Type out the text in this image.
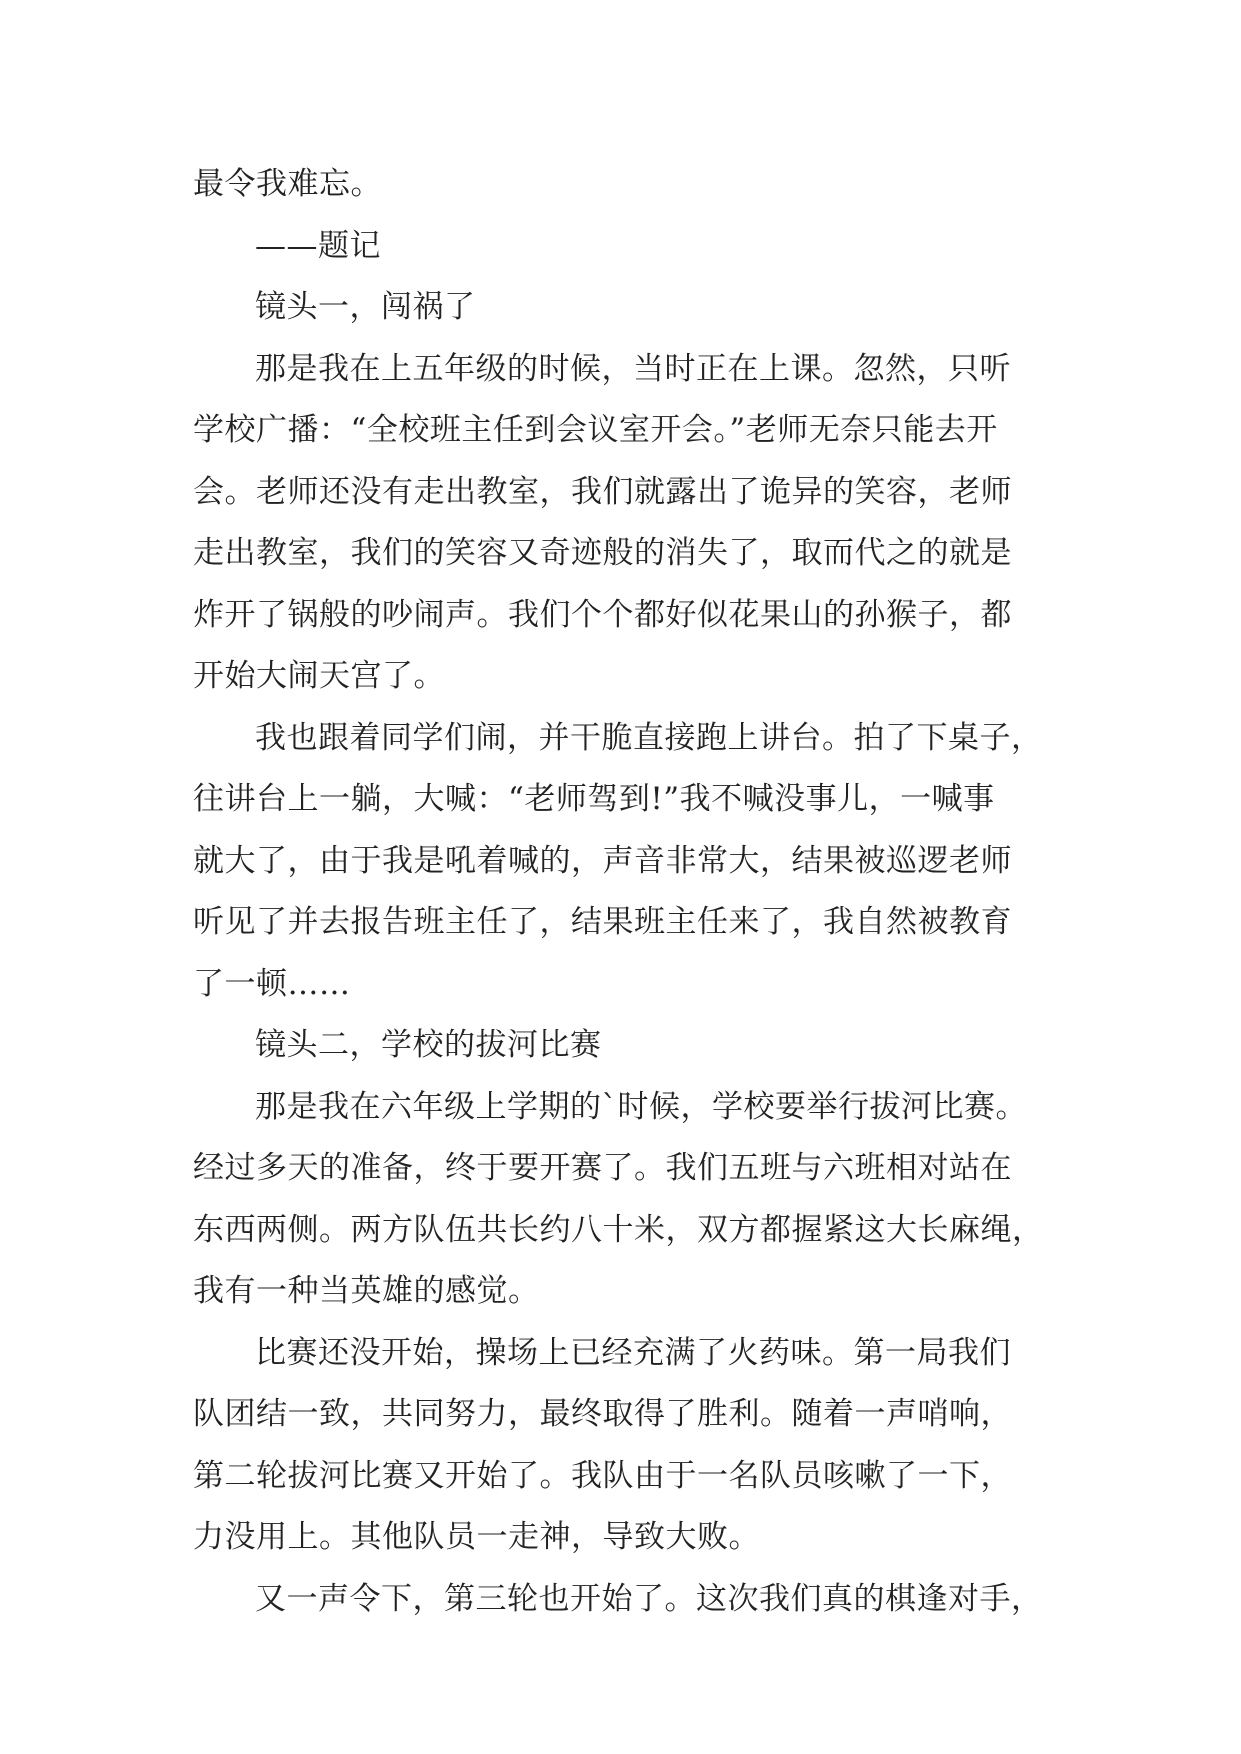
最令我难忘。
——题记
镜头一，闯祸了
那是我在上五年级的时候，当时正在上课。忽然，只听
学校广播：“全校班主任到会议室开会。”老师无奈只能去开
会。老师还没有走出教室，我们就露出了诡异的笑容，老师
走出教室，我们的笑容又奇迹般的消失了，取而代之的就是
炸开了锅般的吵闹声。我们个个都好似花果山的孙猴子，都
开始大闹天宫了。
我也跟着同学们闹，并干脆直接跑上讲台。拍了下桌子，
往讲台上一躺，大喊：“老师驾到!”我不喊没事儿，一喊事
就大了，由于我是吼着喊的，声音非常大，结果被巡逻老师
听见了并去报告班主任了，结果班主任来了，我自然被教育
了一顿……
镜头二，学校的拔河比赛
那是我在六年级上学期的`时候，学校要举行拔河比赛。
经过多天的准备，终于要开赛了。我们五班与六班相对站在
东西两侧。两方队伍共长约八十米，双方都握紧这大长麻绳，
我有一种当英雄的感觉。
比赛还没开始，操场上已经充满了火药味。第一局我们
队团结一致，共同努力，最终取得了胜利。随着一声哨响，
第二轮拔河比赛又开始了。我队由于一名队员咳嗽了一下，
力没用上。其他队员一走神，导致大败。
又一声令下，第三轮也开始了。这次我们真的棋逢对手，
